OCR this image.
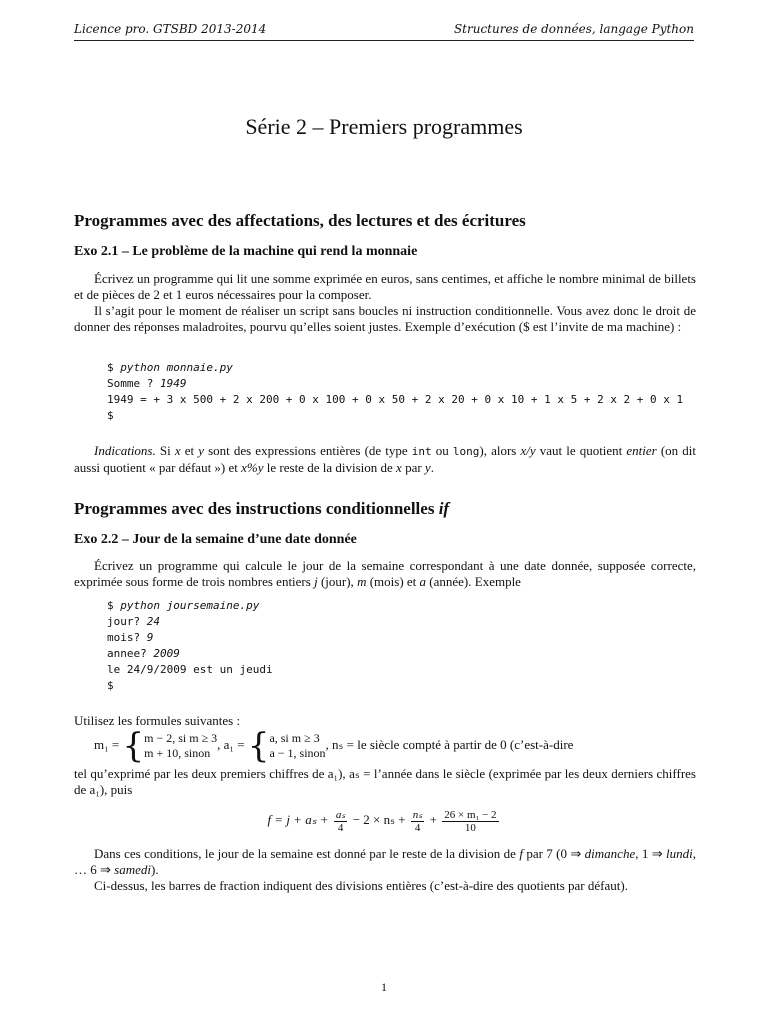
Licence pro. GTSBD 2013-2014	Structures de données, langage Python
Série 2 – Premiers programmes
Programmes avec des affectations, des lectures et des écritures
Exo 2.1 – Le problème de la machine qui rend la monnaie
Écrivez un programme qui lit une somme exprimée en euros, sans centimes, et affiche le nombre minimal de billets et de pièces de 2 et 1 euros nécessaires pour la composer.
Il s’agit pour le moment de réaliser un script sans boucles ni instruction conditionnelle. Vous avez donc le droit de donner des réponses maladroites, pourvu qu’elles soient justes. Exemple d’exécution ($ est l’invite de ma machine) :
$ python monnaie.py
Somme ? 1949
1949 = + 3 x 500 + 2 x 200 + 0 x 100 + 0 x 50 + 2 x 20 + 0 x 10 + 1 x 5 + 2 x 2 + 0 x 1
$
Indications. Si x et y sont des expressions entières (de type int ou long), alors x/y vaut le quotient entier (on dit aussi quotient « par défaut ») et x%y le reste de la division de x par y.
Programmes avec des instructions conditionnelles if
Exo 2.2 – Jour de la semaine d’une date donnée
Écrivez un programme qui calcule le jour de la semaine correspondant à une date donnée, supposée correcte, exprimée sous forme de trois nombres entiers j (jour), m (mois) et a (année). Exemple
$ python joursemaine.py
jour? 24
mois? 9
annee? 2009
le 24/9/2009 est un jeudi
$
Utilisez les formules suivantes :
m₁ = { m − 2, si m ≥ 3
m + 10, sinon
, a₁ = { a, si m ≥ 3
a − 1, sinon
, nₛ = le siècle compté à partir de 0 (c’est-à-dire
tel qu’exprimé par les deux premiers chiffres de a₁), aₛ = l’année dans le siècle (exprimée par les deux derniers chiffres de a₁), puis
$f = j + a_s + \frac{\text{aₛ}}{4} - 2 \times n_s + \frac{\text{nₛ}}{4} + \frac{\text{26 × m₁ − 2}}{10}$
Dans ces conditions, le jour de la semaine est donné par le reste de la division de f par 7 (0 ⇒ dimanche, 1 ⇒ lundi, … 6 ⇒ samedi).
Ci-dessus, les barres de fraction indiquent des divisions entières (c’est-à-dire des quotients par défaut).
1
